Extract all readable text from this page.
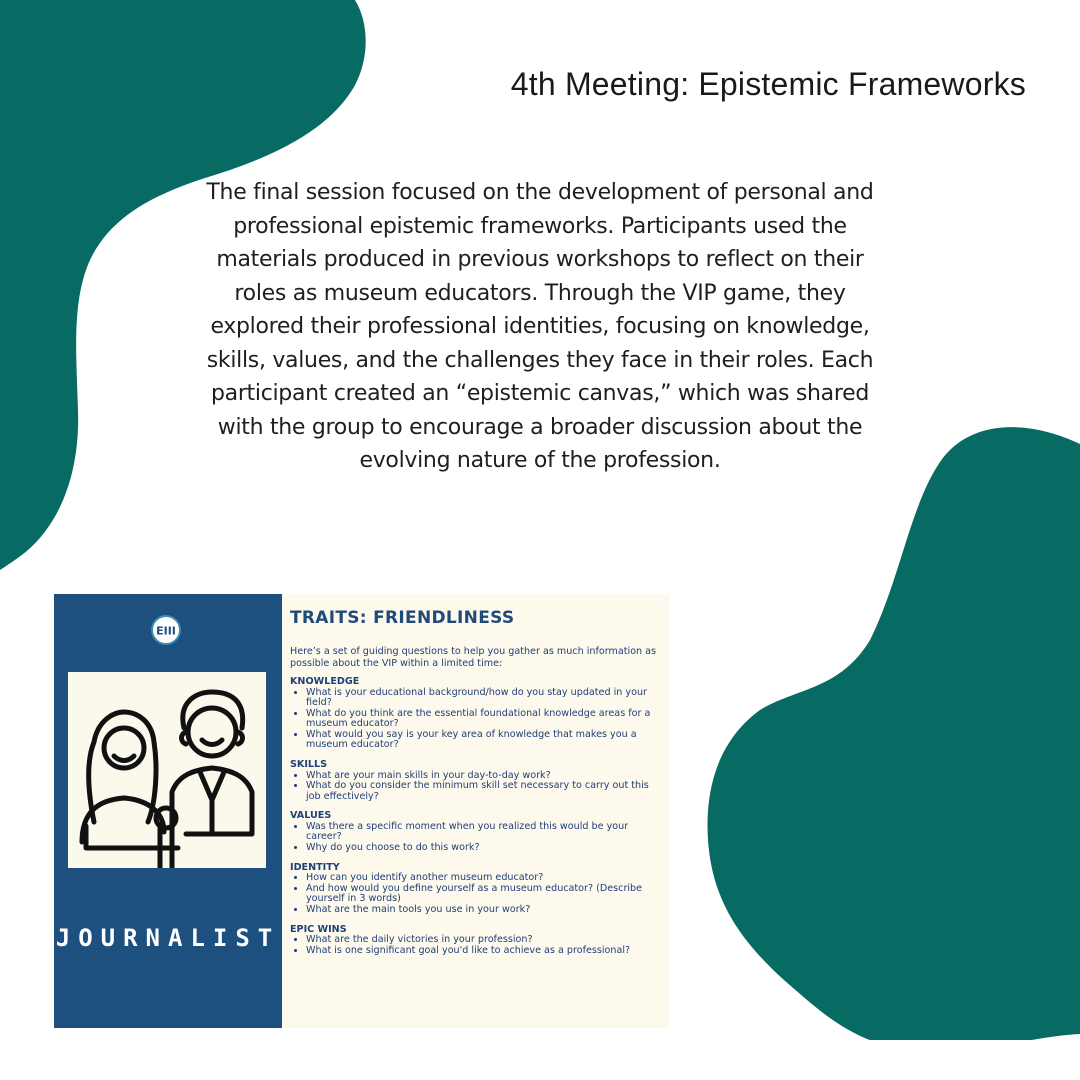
4th Meeting: Epistemic Frameworks
The final session focused on the development of personal and professional epistemic frameworks. Participants used the materials produced in previous workshops to reflect on their roles as museum educators. Through the VIP game, they explored their professional identities, focusing on knowledge, skills, values, and the challenges they face in their roles. Each participant created an “epistemic canvas,” which was shared with the group to encourage a broader discussion about the evolving nature of the profession.
JOURNALIST
TRAITS: FRIENDLINESS
Here’s a set of guiding questions to help you gather as much information as possible about the VIP within a limited time:
KNOWLEDGE
• What is your educational background/how do you stay updated in your field?
• What do you think are the essential foundational knowledge areas for a museum educator?
• What would you say is your key area of knowledge that makes you a museum educator?
SKILLS
• What are your main skills in your day-to-day work?
• What do you consider the minimum skill set necessary to carry out this job effectively?
VALUES
• Was there a specific moment when you realized this would be your career?
• Why do you choose to do this work?
IDENTITY
• How can you identify another museum educator?
• And how would you define yourself as a museum educator? (Describe yourself in 3 words)
• What are the main tools you use in your work?
EPIC WINS
• What are the daily victories in your profession?
• What is one significant goal you'd like to achieve as a professional?
EIII
